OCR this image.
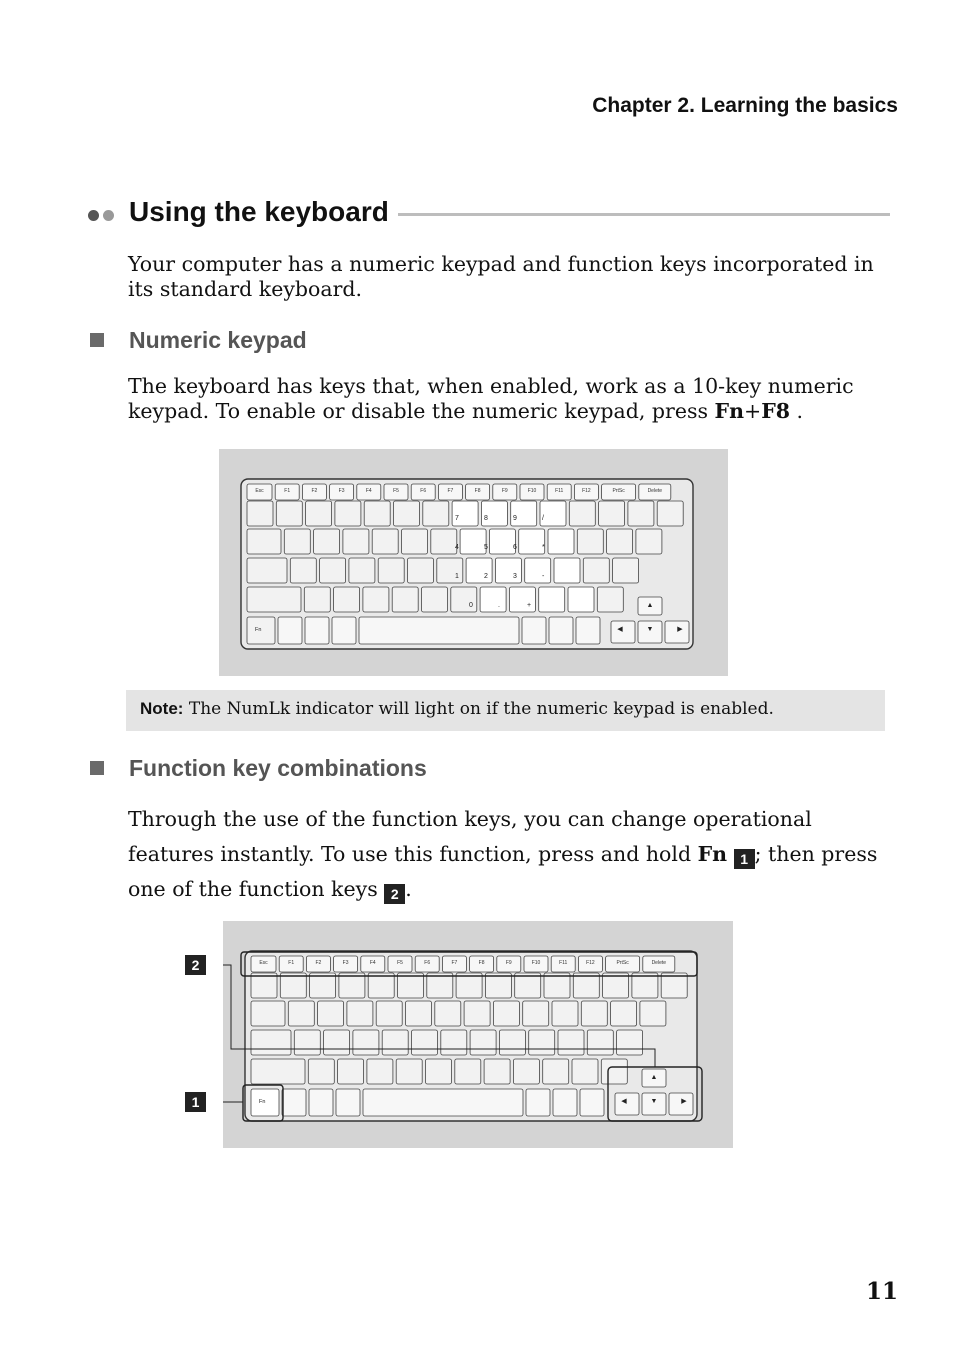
Chapter 2. Learning the basics
Using the keyboard
Your computer has a numeric keypad and function keys incorporated in its standard keyboard.
Numeric keypad
The keyboard has keys that, when enabled, work as a 10-key numeric keypad. To enable or disable the numeric keypad, press Fn+F8 .
Esc	F1	F2	F3	F4	F5	F6	F7	F8	F9	F10	F11	F12	PrtSc	Delete
Fn
▲
◀	▼	▶
7	8	9	/
4	5	6	*
1	2	3	-
0	.	+
Note: The NumLk indicator will light on if the numeric keypad is enabled.
Function key combinations
Through the use of the function keys, you can change operational features instantly. To use this function, press and hold Fn 1 ; then press one of the function keys 2 .
Esc	F1	F2	F3	F4	F5	F6	F7	F8	F9	F10	F11	F12	PrtSc	Delete
Fn
▲
◀	▼	▶
2
1
11
